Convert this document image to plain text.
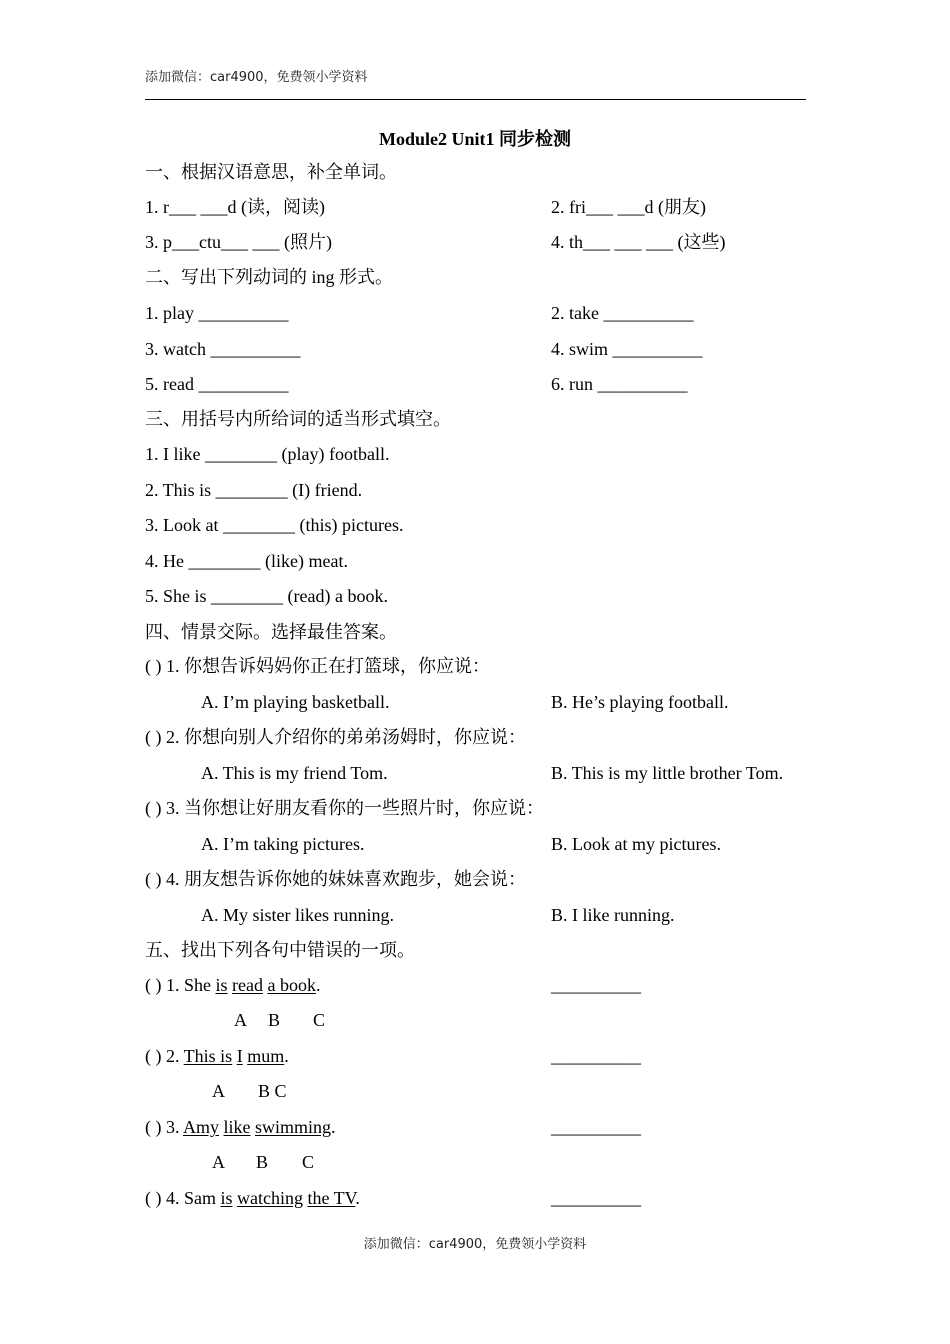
添加微信：car4900，免费领小学资料
Module2 Unit1 同步检测
一、根据汉语意思，补全单词。
1. r___ ___d (读，阅读)	2. fri___ ___d (朋友)
3. p___ctu___ ___ (照片)	4. th___ ___ ___ (这些)
二、写出下列动词的 ing 形式。
1. play __________	2. take __________
3. watch __________	4. swim __________
5. read __________	6. run __________
三、用括号内所给词的适当形式填空。
1. I like ________ (play) football.
2. This is ________ (I) friend.
3. Look at ________ (this) pictures.
4. He ________ (like) meat.
5. She is ________ (read) a book.
四、情景交际。选择最佳答案。
( ) 1. 你想告诉妈妈你正在打篮球，你应说：
A. I’m playing basketball.	B. He’s playing football.
( ) 2. 你想向别人介绍你的弟弟汤姆时，你应说：
A. This is my friend Tom.	B. This is my little brother Tom.
( ) 3. 当你想让好朋友看你的一些照片时，你应说：
A. I’m taking pictures.	B. Look at my pictures.
( ) 4. 朋友想告诉你她的妹妹喜欢跑步，她会说：
A. My sister likes running.	B. I like running.
五、找出下列各句中错误的一项。
( ) 1. She is read a book.	__________
A B C
( ) 2. This is I mum.	__________
A B C
( ) 3. Amy like swimming.	__________
A B C
( ) 4. Sam is watching the TV.	__________
添加微信：car4900，免费领小学资料
